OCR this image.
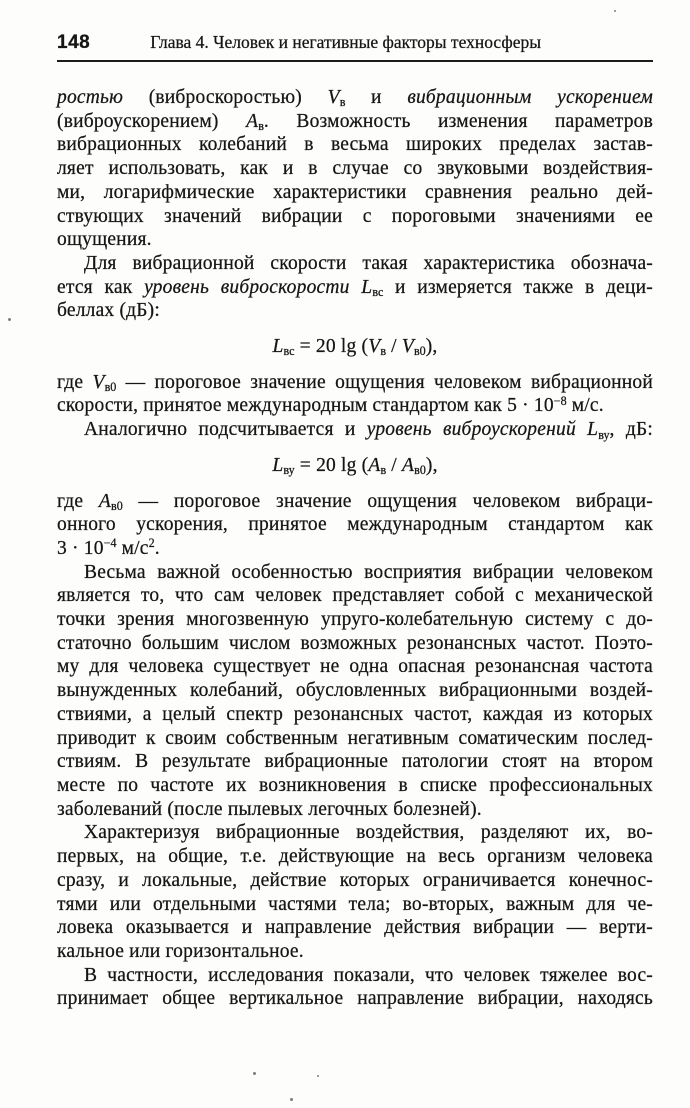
148	Глава 4. Человек и негативные факторы техносферы
ростью (виброскоростью) $V_в$ и вибрационным ускорением
(виброускорением) $A_в$. Возможность изменения параметров
вибрационных колебаний в весьма широких пределах застав-
ляет использовать, как и в случае со звуковыми воздействия-
ми, логарифмические характеристики сравнения реально дей-
ствующих значений вибрации с пороговыми значениями ее
ощущения.
Для вибрационной скорости такая характеристика обознача-
ется как уровень виброскорости $L_{вс}$ и измеряется также в деци-
беллах (дБ):
$L_{вс} = 20$ $\lg (V_в / V_{в0})$,
где $V_{в0}$ — пороговое значение ощущения человеком вибрационной
скорости, принятое международным стандартом как $5 \cdot 10^{-8}$ м/с.
Аналогично подсчитывается и уровень виброускорений $L_{ву}$, дБ:
$L_{ву} = 20$ $\lg (A_в / A_{в0})$,
где $A_{в0}$ — пороговое значение ощущения человеком вибраци-
онного ускорения, принятое международным стандартом как
$3 \cdot 10^{-4}$ $м/с^2$.
Весьма важной особенностью восприятия вибрации человеком
является то, что сам человек представляет собой с механической
точки зрения многозвенную упруго-колебательную систему с до-
статочно большим числом возможных резонансных частот. Поэто-
му для человека существует не одна опасная резонансная частота
вынужденных колебаний, обусловленных вибрационными воздей-
ствиями, а целый спектр резонансных частот, каждая из которых
приводит к своим собственным негативным соматическим послед-
ствиям. В результате вибрационные патологии стоят на втором
месте по частоте их возникновения в списке профессиональных
заболеваний (после пылевых легочных болезней).
Характеризуя вибрационные воздействия, разделяют их, во-
первых, на общие, т.е. действующие на весь организм человека
сразу, и локальные, действие которых ограничивается конечнос-
тями или отдельными частями тела; во-вторых, важным для че-
ловека оказывается и направление действия вибрации — верти-
кальное или горизонтальное.
В частности, исследования показали, что человек тяжелее вос-
принимает общее вертикальное направление вибрации, находясь
